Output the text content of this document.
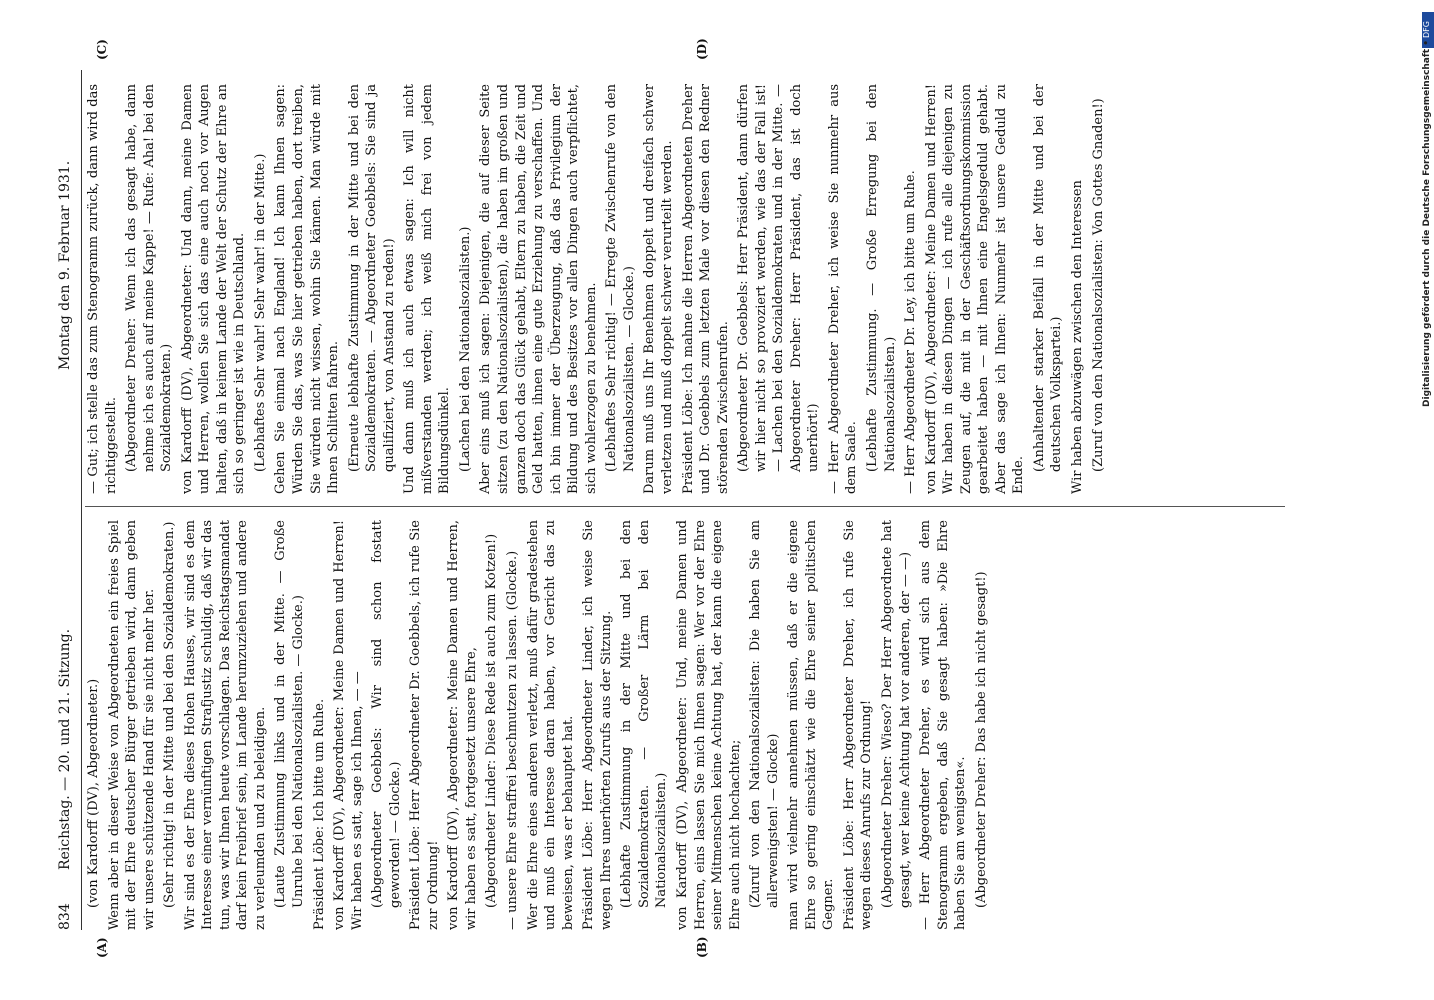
834
Reichstag. — 20. und 21. Sitzung.
Montag den 9. Februar 1931.

(von Kardorff (DV), Abgeordneter.) Wenn aber in dieser Weise von Abgeordneten ein freies Spiel mit der Ehre deutscher Bürger getrieben wird, dann geben wir unsere schützende Hand für sie nicht mehr her. (Sehr richtig! in der Mitte und bei den Sozialdemokraten.) Wir sind es der Ehre dieses Hohen Hauses, wir sind es dem Interesse einer vernünftigen Strafjustiz schuldig, daß wir das tun, was wir Ihnen heute vorschlagen. Das Reichstagsmandat darf kein Freibrief sein, im Lande herumzuziehen und andere zu verleumden und zu beleidigen. (Laute Zustimmung links und in der Mitte. — Große Unruhe bei den Nationalsozialisten. — Glocke.) Präsident Löbe: Ich bitte um Ruhe. von Kardorff (DV), Abgeordneter: Meine Damen und Herren! Wir haben es satt, sage ich Ihnen, — — (Abgeordneter Goebbels: Wir sind schon fostatt geworden! — Glocke.) Präsident Löbe: Herr Abgeordneter Dr. Goebbels, ich rufe Sie zur Ordnung! von Kardorff (DV), Abgeordneter: Meine Damen und Herren, wir haben es satt, fortgesetzt unsere Ehre, (Abgeordneter Linder: Diese Rede ist auch zum Kotzen!) — unsere Ehre straffrei beschmutzen zu lassen. (Glocke.) Wer die Ehre eines anderen verletzt, muß dafür gradestehen und muß ein Interesse daran haben, vor Gericht das zu beweisen, was er behauptet hat. Präsident Löbe: Herr Abgeordneter Linder, ich weise Sie wegen Ihres unerhörten Zurufs aus der Sitzung. (Lebhafte Zustimmung in der Mitte und bei den Sozialdemokraten. — Großer Lärm bei den Nationalsozialisten.) von Kardorff (DV), Abgeordneter: Und, meine Damen und Herren, eins lassen Sie mich Ihnen sagen: Wer vor der Ehre seiner Mitmenschen keine Achtung hat, der kann die eigene Ehre auch nicht hochachten; (Zuruf von den Nationalsozialisten: Die haben Sie am allerwenigsten! — Glocke) man wird vielmehr annehmen müssen, daß er die eigene Ehre so gering einschätzt wie die Ehre seiner politischen Gegner. Präsident Löbe: Herr Abgeordneter Dreher, ich rufe Sie wegen dieses Anrufs zur Ordnung! (Abgeordneter Dreher: Wieso? Der Herr Abgeordnete hat gesagt, wer keine Achtung hat vor anderen, der — —) — Herr Abgeordneter Dreher, es wird sich aus dem Stenogramm ergeben, daß Sie gesagt haben: »Die Ehre haben Sie am wenigsten«. (Abgeordneter Dreher: Das habe ich nicht gesagt!)

— Gut; ich stelle das zum Stenogramm zurück, dann wird das richtiggestellt. (Abgeordneter Dreher: Wenn ich das gesagt habe, dann nehme ich es auch auf meine Kappe! — Rufe: Aha! bei den Sozialdemokraten.) von Kardorff (DV), Abgeordneter: Und dann, meine Damen und Herren, wollen Sie sich das eine auch noch vor Augen halten, daß in keinem Lande der Welt der Schutz der Ehre an sich so geringer ist wie in Deutschland. (Lebhaftes Sehr wahr! Sehr wahr! in der Mitte.) Gehen Sie einmal nach England! Ich kann Ihnen sagen: Würden Sie das, was Sie hier getrieben haben, dort treiben, Sie würden nicht wissen, wohin Sie kämen. Man würde mit Ihnen Schlitten fahren. (Erneute lebhafte Zustimmung in der Mitte und bei den Sozialdemokraten. — Abgeordneter Goebbels: Sie sind ja qualifiziert, von Anstand zu reden!) Und dann muß ich auch etwas sagen: Ich will nicht mißverstanden werden; ich weiß mich frei von jedem Bildungsdünkel. (Lachen bei den Nationalsozialisten.) Aber eins muß ich sagen: Diejenigen, die auf dieser Seite sitzen (zu den Nationalsozialisten), die haben im großen und ganzen doch das Glück gehabt, Eltern zu haben, die Zeit und Geld hatten, ihnen eine gute Erziehung zu verschaffen. Und ich bin immer der Überzeugung, daß das Privilegium der Bildung und des Besitzes vor allen Dingen auch verpflichtet, sich wohlerzogen zu benehmen. (Lebhaftes Sehr richtig! — Erregte Zwischenrufe von den Nationalsozialisten. — Glocke.) Darum muß uns Ihr Benehmen doppelt und dreifach schwer verletzen und muß doppelt schwer verurteilt werden. Präsident Löbe: Ich mahne die Herren Abgeordneten Dreher und Dr. Goebbels zum letzten Male vor diesen den Redner störenden Zwischenrufen. (Abgeordneter Dr. Goebbels: Herr Präsident, dann dürfen wir hier nicht so provoziert werden, wie das der Fall ist! — Lachen bei den Sozialdemokraten und in der Mitte. — Abgeordneter Dreher: Herr Präsident, das ist doch unerhört!) — Herr Abgeordneter Dreher, ich weise Sie nunmehr aus dem Saale. (Lebhafte Zustimmung. — Große Erregung bei den Nationalsozialisten.) — Herr Abgeordneter Dr. Ley, ich bitte um Ruhe. von Kardorff (DV), Abgeordneter: Meine Damen und Herren! Wir haben in diesen Dingen — ich rufe alle diejenigen zu Zeugen auf, die mit in der Geschäftsordnungskommission gearbeitet haben — mit Ihnen eine Engelsgeduld gehabt. Aber das sage ich Ihnen: Nunmehr ist unsere Geduld zu Ende.

(Anhaltender starker Beifall in der Mitte und bei der deutschen Volkspartei.) Wir haben abzuwägen zwischen den Interessen (Zuruf von den Nationalsozialisten: Von Gottes Gnaden!)

(A)	(B)
(C)	(D)
DFG
Digitalisierung gefördert durch die Deutsche Forschungsgemeinschaft •
